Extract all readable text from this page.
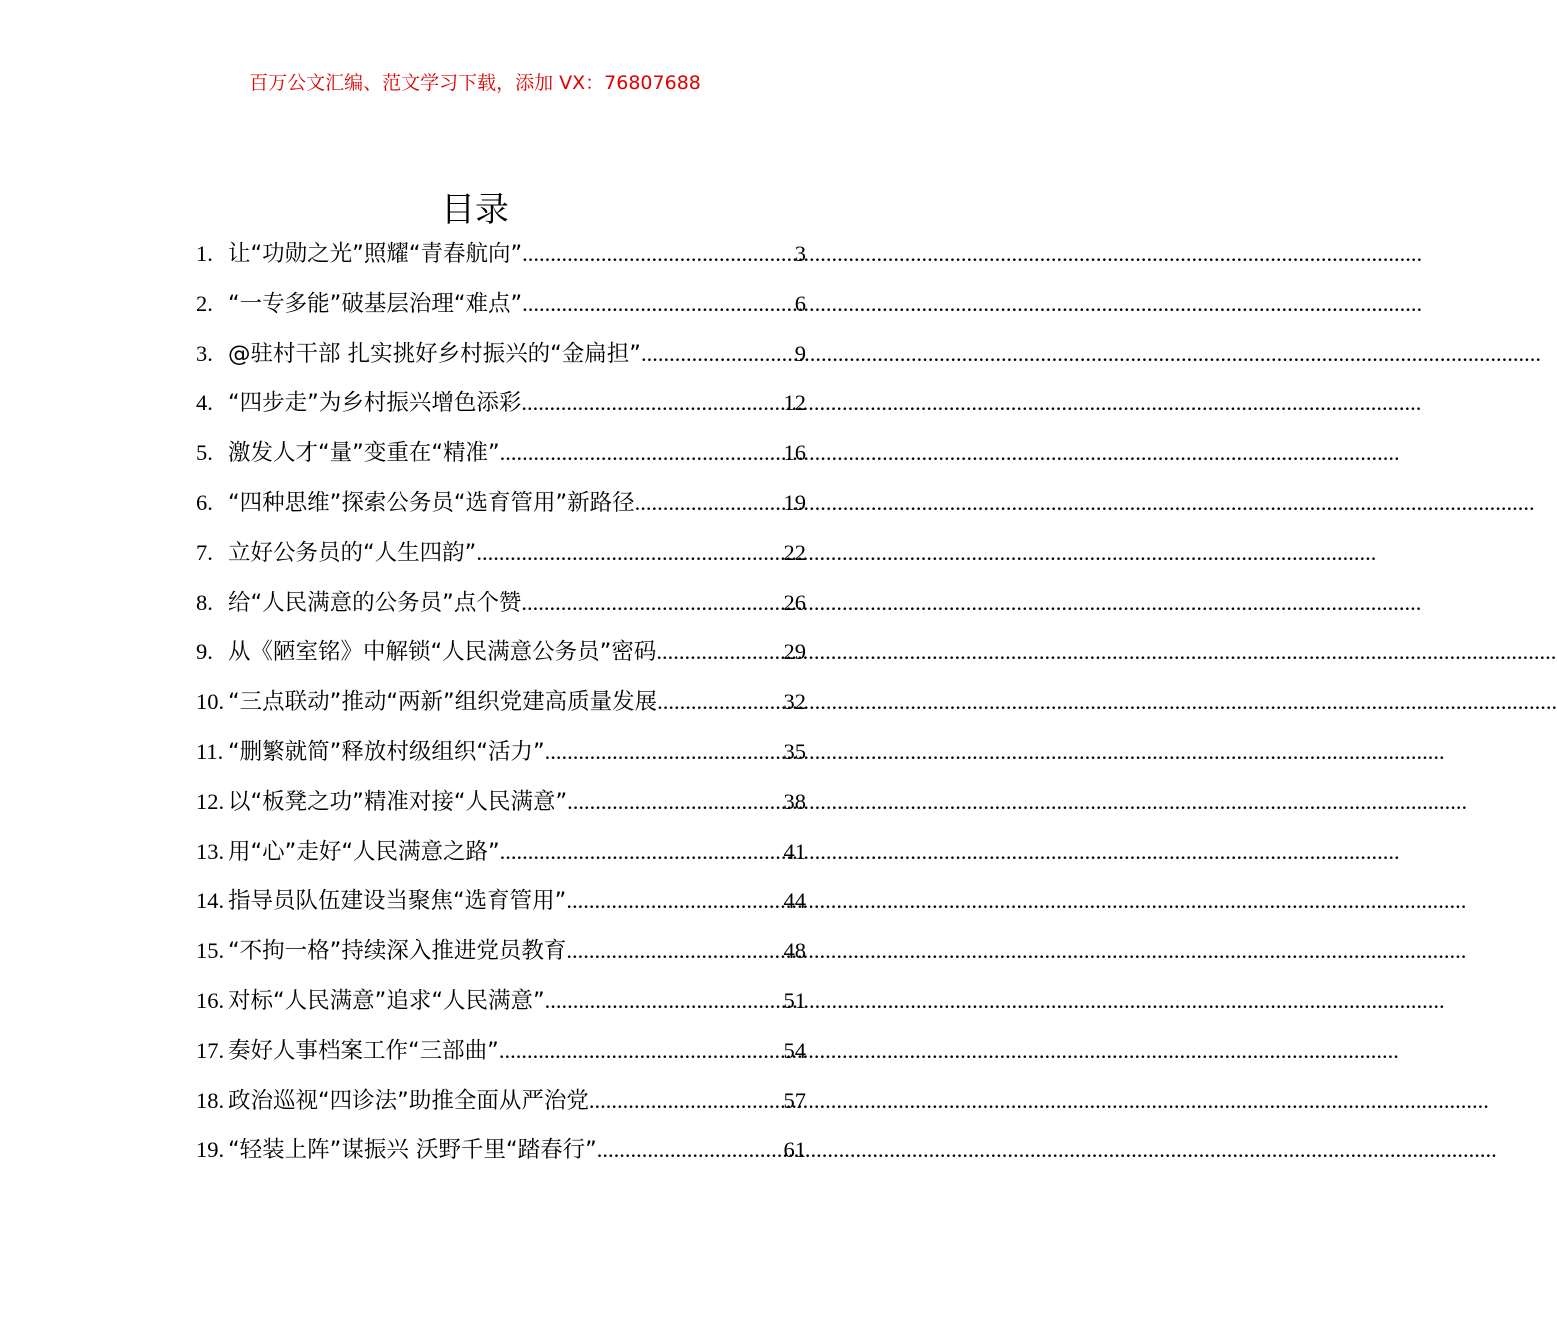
百万公文汇编、范文学习下载，添加 VX：76807688
目录
1. 让“功勋之光”照耀“青春航向” .....	3
2. “一专多能”破基层治理“难点” .....	6
3. @驻村干部 扎实挑好乡村振兴的“金扁担” .....	9
4. “四步走”为乡村振兴增色添彩 .....	12
5. 激发人才“量”变重在“精准” .....	16
6. “四种思维”探索公务员“选育管用”新路径 .....	19
7. 立好公务员的“人生四韵” .....	22
8. 给“人民满意的公务员”点个赞 .....	26
9. 从《陋室铭》中解锁“人民满意公务员”密码 .....	29
10. “三点联动”推动“两新”组织党建高质量发展 .....	32
11. “删繁就简”释放村级组织“活力” .....	35
12. 以“板凳之功”精准对接“人民满意” .....	38
13. 用“心”走好“人民满意之路” .....	41
14. 指导员队伍建设当聚焦“选育管用” .....	44
15. “不拘一格”持续深入推进党员教育 .....	48
16. 对标“人民满意”追求“人民满意” .....	51
17. 奏好人事档案工作“三部曲” .....	54
18. 政治巡视“四诊法”助推全面从严治党 .....	57
19. “轻装上阵”谋振兴 沃野千里“踏春行” .....	61
